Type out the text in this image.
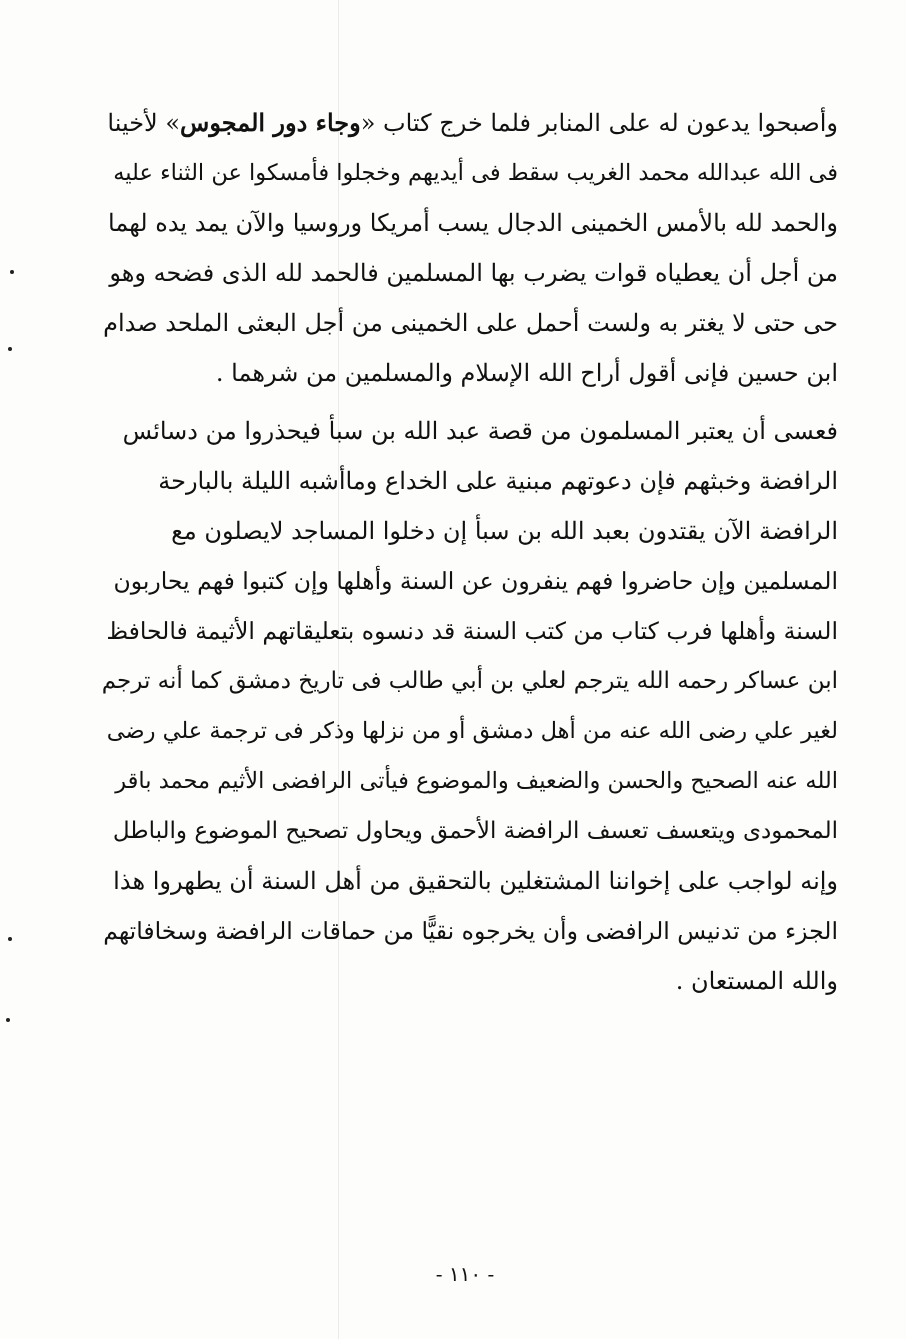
وأصبحوا يدعون له على المنابر فلما خرج كتاب «وجاء دور المجوس» لأخينا
فى الله عبدالله محمد الغريب سقط فى أيديهم وخجلوا فأمسكوا عن الثناء عليه
والحمد لله بالأمس الخمينى الدجال يسب أمريكا وروسيا والآن يمد يده لهما
من أجل أن يعطياه قوات يضرب بها المسلمين فالحمد لله الذى فضحه وهو
حى حتى لا يغتر به ولست أحمل على الخمينى من أجل البعثى الملحد صدام
ابن حسين فإنى أقول أراح الله الإسلام والمسلمين من شرهما .
فعسى أن يعتبر المسلمون من قصة عبد الله بن سبأ فيحذروا من دسائس
الرافضة وخبثهم فإن دعوتهم مبنية على الخداع وماأشبه الليلة بالبارحة
الرافضة الآن يقتدون بعبد الله بن سبأ إن دخلوا المساجد لايصلون مع
المسلمين وإن حاضروا فهم ينفرون عن السنة وأهلها وإن كتبوا فهم يحاربون
السنة وأهلها فرب كتاب من كتب السنة قد دنسوه بتعليقاتهم الأثيمة فالحافظ
ابن عساكر رحمه الله يترجم لعلي بن أبي طالب فى تاريخ دمشق كما أنه ترجم
لغير علي رضى الله عنه من أهل دمشق أو من نزلها وذكر فى ترجمة علي رضى
الله عنه الصحيح والحسن والضعيف والموضوع فيأتى الرافضى الأثيم محمد باقر
المحمودى ويتعسف تعسف الرافضة الأحمق ويحاول تصحيح الموضوع والباطل
وإنه لواجب على إخواننا المشتغلين بالتحقيق من أهل السنة أن يطهروا هذا
الجزء من تدنيس الرافضى وأن يخرجوه نقيًّا من حماقات الرافضة وسخافاتهم
والله المستعان .
- ١١٠ -
